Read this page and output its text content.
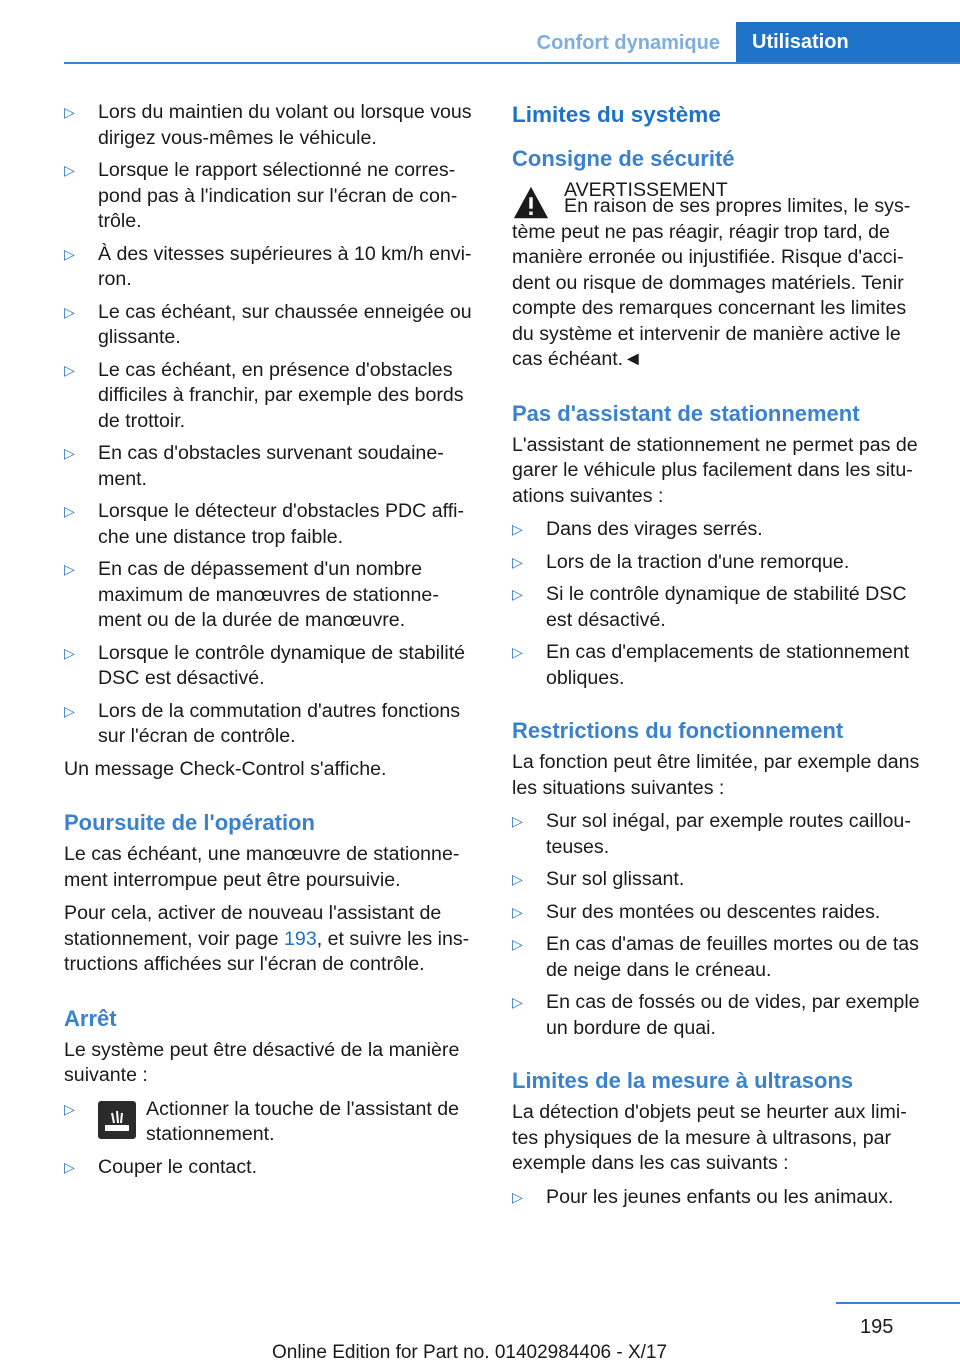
Confort dynamique	Utilisation
▷	Lors du maintien du volant ou lorsque vous dirigez vous-mêmes le véhicule.
▷	Lorsque le rapport sélectionné ne corres-pond pas à l'indication sur l'écran de con-trôle.
▷	À des vitesses supérieures à 10 km/h envi-ron.
▷	Le cas échéant, sur chaussée enneigée ou glissante.
▷	Le cas échéant, en présence d'obstacles difficiles à franchir, par exemple des bords de trottoir.
▷	En cas d'obstacles survenant soudaine-ment.
▷	Lorsque le détecteur d'obstacles PDC affi-che une distance trop faible.
▷	En cas de dépassement d'un nombre maximum de manœuvres de stationne-ment ou de la durée de manœuvre.
▷	Lorsque le contrôle dynamique de stabilité DSC est désactivé.
▷	Lors de la commutation d'autres fonctions sur l'écran de contrôle.

Un message Check-Control s'affiche.

Poursuite de l'opération

Le cas échéant, une manœuvre de stationne-ment interrompue peut être poursuivie.

Pour cela, activer de nouveau l'assistant de stationnement, voir page 193, et suivre les ins-tructions affichées sur l'écran de contrôle.

Arrêt

Le système peut être désactivé de la manière suivante :

▷	Actionner la touche de l'assistant de stationnement.
▷	Couper le contact.
Limites du système
Consigne de sécurité
AVERTISSEMENT

En raison de ses propres limites, le sys-tème peut ne pas réagir, réagir trop tard, de manière erronée ou injustifiée. Risque d'acci-dent ou risque de dommages matériels. Tenir compte des remarques concernant les limites du système et intervenir de manière active le cas échéant.◄

Pas d'assistant de stationnement

L'assistant de stationnement ne permet pas de garer le véhicule plus facilement dans les situ-ations suivantes :

▷	Dans des virages serrés.
▷	Lors de la traction d'une remorque.
▷	Si le contrôle dynamique de stabilité DSC est désactivé.
▷	En cas d'emplacements de stationnement obliques.
Restrictions du fonctionnement

La fonction peut être limitée, par exemple dans les situations suivantes :

▷	Sur sol inégal, par exemple routes caillou-teuses.
▷	Sur sol glissant.
▷	Sur des montées ou descentes raides.
▷	En cas d'amas de feuilles mortes ou de tas de neige dans le créneau.
▷	En cas de fossés ou de vides, par exemple un bordure de quai.
Limites de la mesure à ultrasons

La détection d'objets peut se heurter aux limi-tes physiques de la mesure à ultrasons, par exemple dans les cas suivants :

▷	Pour les jeunes enfants ou les animaux.
195
Online Edition for Part no. 01402984406 - X/17
